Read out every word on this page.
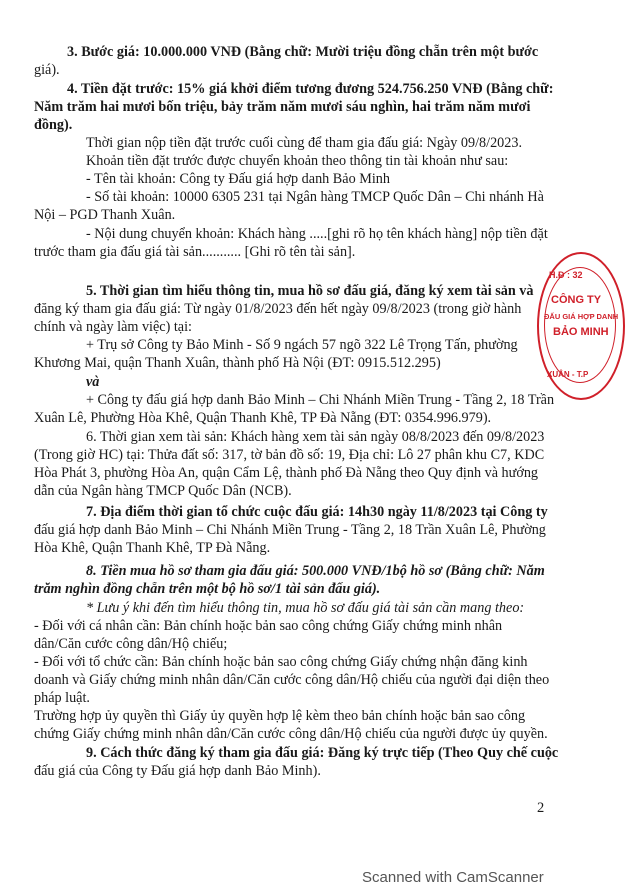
3. Bước giá: 10.000.000 VNĐ (Bằng chữ: Mười triệu đồng chẵn trên một bước
giá).
4. Tiền đặt trước: 15% giá khởi điểm tương đương 524.756.250 VNĐ (Bằng chữ:
Năm trăm hai mươi bốn triệu, bảy trăm năm mươi sáu nghìn, hai trăm năm mươi
đồng).
Thời gian nộp tiền đặt trước cuối cùng để tham gia đấu giá: Ngày 09/8/2023.
Khoản tiền đặt trước được chuyển khoản theo thông tin tài khoản như sau:
- Tên tài khoản: Công ty Đấu giá hợp danh Bảo Minh
- Số tài khoản: 10000 6305 231 tại Ngân hàng TMCP Quốc Dân – Chi nhánh Hà
Nội – PGD Thanh Xuân.
- Nội dung chuyển khoản: Khách hàng .....[ghi rõ họ tên khách hàng] nộp tiền đặt
trước tham gia đấu giá tài sản........... [Ghi rõ tên tài sản].
5. Thời gian tìm hiểu thông tin, mua hồ sơ đấu giá, đăng ký xem tài sản và
đăng ký tham gia đấu giá: Từ ngày 01/8/2023 đến hết ngày 09/8/2023 (trong giờ hành
chính và ngày làm việc) tại:
+ Trụ sở Công ty Bảo Minh - Số 9 ngách 57 ngõ 322 Lê Trọng Tấn, phường
Khương Mai, quận Thanh Xuân, thành phố Hà Nội (ĐT: 0915.512.295)
và
+ Công ty đấu giá hợp danh Bảo Minh – Chi Nhánh Miền Trung - Tầng 2, 18 Trần
Xuân Lê, Phường Hòa Khê, Quận Thanh Khê, TP Đà Nẵng (ĐT: 0354.996.979).
6. Thời gian xem tài sản: Khách hàng xem tài sản ngày 08/8/2023 đến 09/8/2023
(Trong giờ HC) tại: Thửa đất số: 317, tờ bản đồ số: 19, Địa chỉ: Lô 27 phân khu C7, KDC
Hòa Phát 3, phường Hòa An, quận Cẩm Lệ, thành phố Đà Nẵng theo Quy định và hướng
dẫn của Ngân hàng TMCP Quốc Dân (NCB).
7. Địa điểm thời gian tổ chức cuộc đấu giá: 14h30 ngày 11/8/2023 tại Công ty
đấu giá hợp danh Bảo Minh – Chi Nhánh Miền Trung - Tầng 2, 18 Trần Xuân Lê, Phường
Hòa Khê, Quận Thanh Khê, TP Đà Nẵng.
8. Tiền mua hồ sơ tham gia đấu giá: 500.000 VNĐ/1bộ hồ sơ (Bằng chữ: Năm
trăm nghìn đồng chẵn trên một bộ hồ sơ/1 tài sản đấu giá).
* Lưu ý khi đến tìm hiểu thông tin, mua hồ sơ đấu giá tài sản cần mang theo:
- Đối với cá nhân cần: Bản chính hoặc bản sao công chứng Giấy chứng minh nhân
dân/Căn cước công dân/Hộ chiếu;
- Đối với tổ chức cần: Bản chính hoặc bản sao công chứng Giấy chứng nhận đăng kinh
doanh và Giấy chứng minh nhân dân/Căn cước công dân/Hộ chiếu của người đại diện theo
pháp luật.
Trường hợp ủy quyền thì Giấy ủy quyền hợp lệ kèm theo bản chính hoặc bản sao công
chứng Giấy chứng minh nhân dân/Căn cước công dân/Hộ chiếu của người được ủy quyền.
9. Cách thức đăng ký tham gia đấu giá: Đăng ký trực tiếp (Theo Quy chế cuộc
đấu giá của Công ty Đấu giá hợp danh Bảo Minh).
2
Scanned with CamScanner
H.Đ : 32
CÔNG TY
ĐẤU GIÁ HỢP DANH
BẢO MINH
XUÂN - T.P
